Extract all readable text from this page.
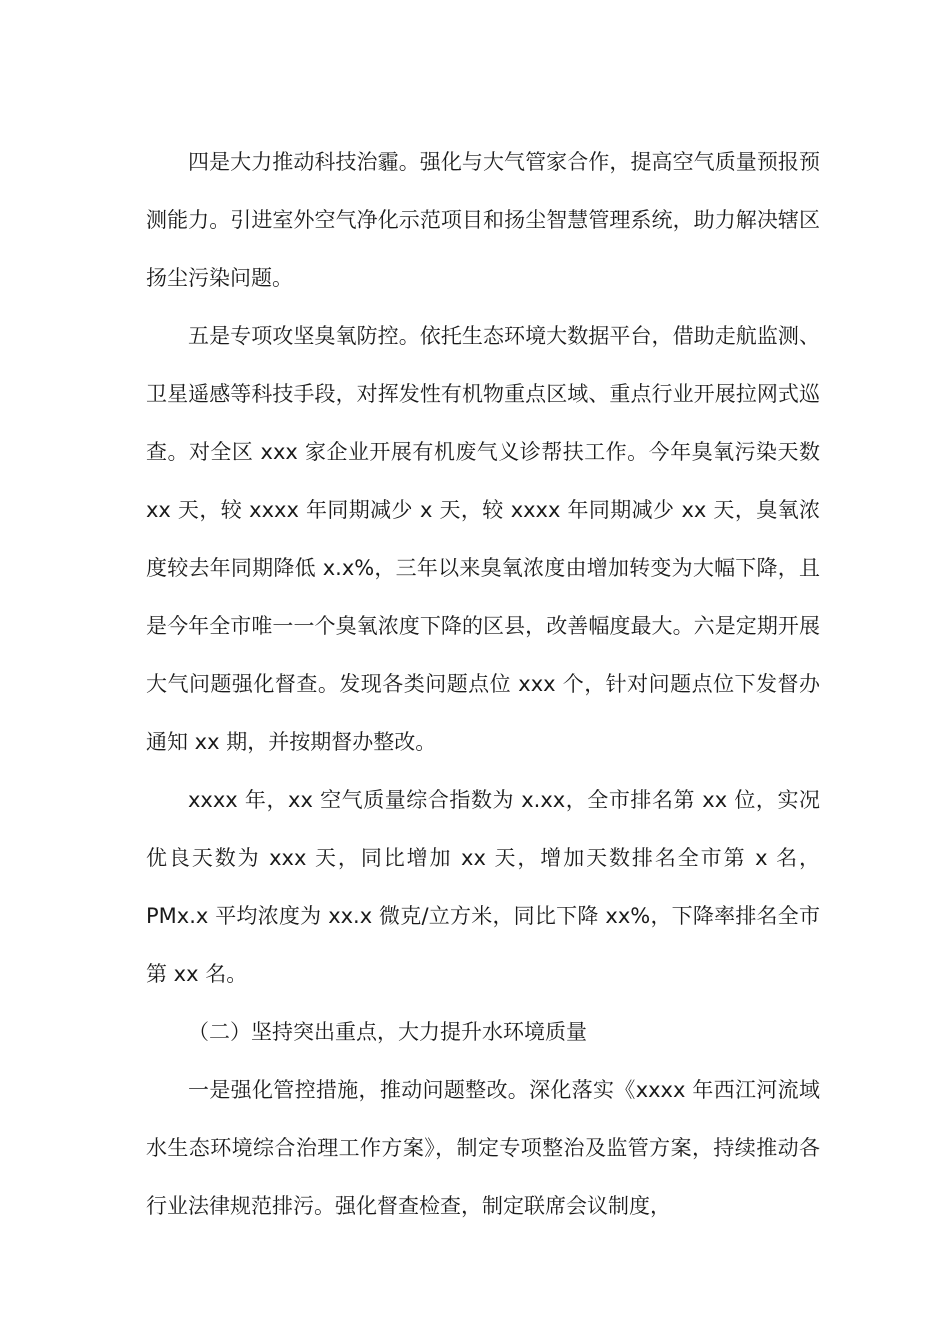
四是大力推动科技治霾。强化与大气管家合作，提高空气质量预报预测能力。引进室外空气净化示范项目和扬尘智慧管理系统，助力解决辖区扬尘污染问题。

五是专项攻坚臭氧防控。依托生态环境大数据平台，借助走航监测、卫星遥感等科技手段，对挥发性有机物重点区域、重点行业开展拉网式巡查。对全区 xxx 家企业开展有机废气义诊帮扶工作。今年臭氧污染天数 xx 天，较 xxxx 年同期减少 x 天，较 xxxx 年同期减少 xx 天，臭氧浓度较去年同期降低 x.x%，三年以来臭氧浓度由增加转变为大幅下降，且是今年全市唯一一个臭氧浓度下降的区县，改善幅度最大。六是定期开展大气问题强化督查。发现各类问题点位 xxx 个，针对问题点位下发督办通知 xx 期，并按期督办整改。

xxxx 年，xx 空气质量综合指数为 x.xx，全市排名第 xx 位，实况优良天数为 xxx 天，同比增加 xx 天，增加天数排名全市第 x 名，PMx.x 平均浓度为 xx.x 微克/立方米，同比下降 xx%，下降率排名全市第 xx 名。

（二）坚持突出重点，大力提升水环境质量

一是强化管控措施，推动问题整改。深化落实《xxxx 年西江河流域水生态环境综合治理工作方案》，制定专项整治及监管方案，持续推动各行业法律规范排污。强化督查检查，制定联席会议制度，
